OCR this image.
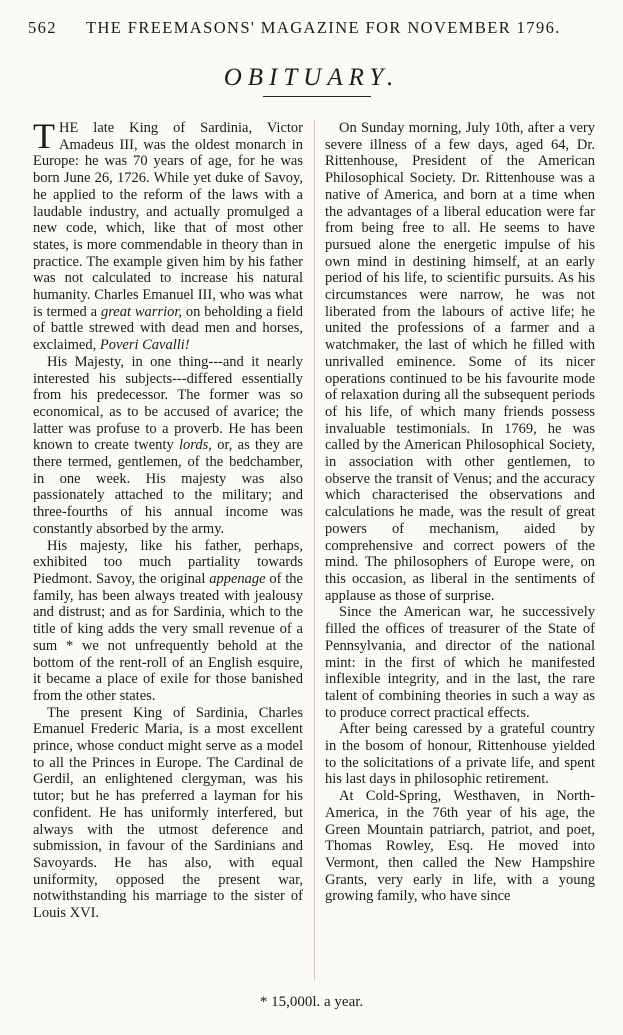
562 THE FREEMASONS' MAGAZINE FOR NOVEMBER 1796.
OBITUARY.

THE late King of Sardinia, Victor Amadeus III, was the oldest monarch in Europe: he was 70 years of age, for he was born June 26, 1726. While yet duke of Savoy, he applied to the reform of the laws with a laudable industry, and actually promulged a new code, which, like that of most other states, is more commendable in theory than in practice. The example given him by his father was not calculated to increase his natural humanity. Charles Emanuel III, who was what is termed a great warrior, on beholding a field of battle strewed with dead men and horses, exclaimed, Poveri Cavalli!

His Majesty, in one thing---and it nearly interested his subjects---differed essentially from his predecessor. The former was so economical, as to be accused of avarice; the latter was profuse to a proverb. He has been known to create twenty lords, or, as they are there termed, gentlemen, of the bedchamber, in one week. His majesty was also passionately attached to the military; and three-fourths of his annual income was constantly absorbed by the army.

His majesty, like his father, perhaps, exhibited too much partiality towards Piedmont. Savoy, the original appenage of the family, has been always treated with jealousy and distrust; and as for Sardinia, which to the title of king adds the very small revenue of a sum * we not unfrequently behold at the bottom of the rent-roll of an English esquire, it became a place of exile for those banished from the other states.

The present King of Sardinia, Charles Emanuel Frederic Maria, is a most excellent prince, whose conduct might serve as a model to all the Princes in Europe. The Cardinal de Gerdil, an enlightened clergyman, was his tutor; but he has preferred a layman for his confident. He has uniformly interfered, but always with the utmost deference and submission, in favour of the Sardinians and Savoyards. He has also, with equal uniformity, opposed the present war, notwithstanding his marriage to the sister of Louis XVI.

On Sunday morning, July 10th, after a very severe illness of a few days, aged 64, Dr. Rittenhouse, President of the American Philosophical Society. Dr. Rittenhouse was a native of America, and born at a time when the advantages of a liberal education were far from being free to all. He seems to have pursued alone the energetic impulse of his own mind in destining himself, at an early period of his life, to scientific pursuits. As his circumstances were narrow, he was not liberated from the labours of active life; he united the professions of a farmer and a watchmaker, the last of which he filled with unrivalled eminence. Some of its nicer operations continued to be his favourite mode of relaxation during all the subsequent periods of his life, of which many friends possess invaluable testimonials. In 1769, he was called by the American Philosophical Society, in association with other gentlemen, to observe the transit of Venus; and the accuracy which characterised the observations and calculations he made, was the result of great powers of mechanism, aided by comprehensive and correct powers of the mind. The philosophers of Europe were, on this occasion, as liberal in the sentiments of applause as those of surprise.

Since the American war, he successively filled the offices of treasurer of the State of Pennsylvania, and director of the national mint: in the first of which he manifested inflexible integrity, and in the last, the rare talent of combining theories in such a way as to produce correct practical effects.

After being caressed by a grateful country in the bosom of honour, Rittenhouse yielded to the solicitations of a private life, and spent his last days in philosophic retirement.

At Cold-Spring, Westhaven, in North-America, in the 76th year of his age, the Green Mountain patriarch, patriot, and poet, Thomas Rowley, Esq. He moved into Vermont, then called the New Hampshire Grants, very early in life, with a young growing family, who have since

* 15,000l. a year.
